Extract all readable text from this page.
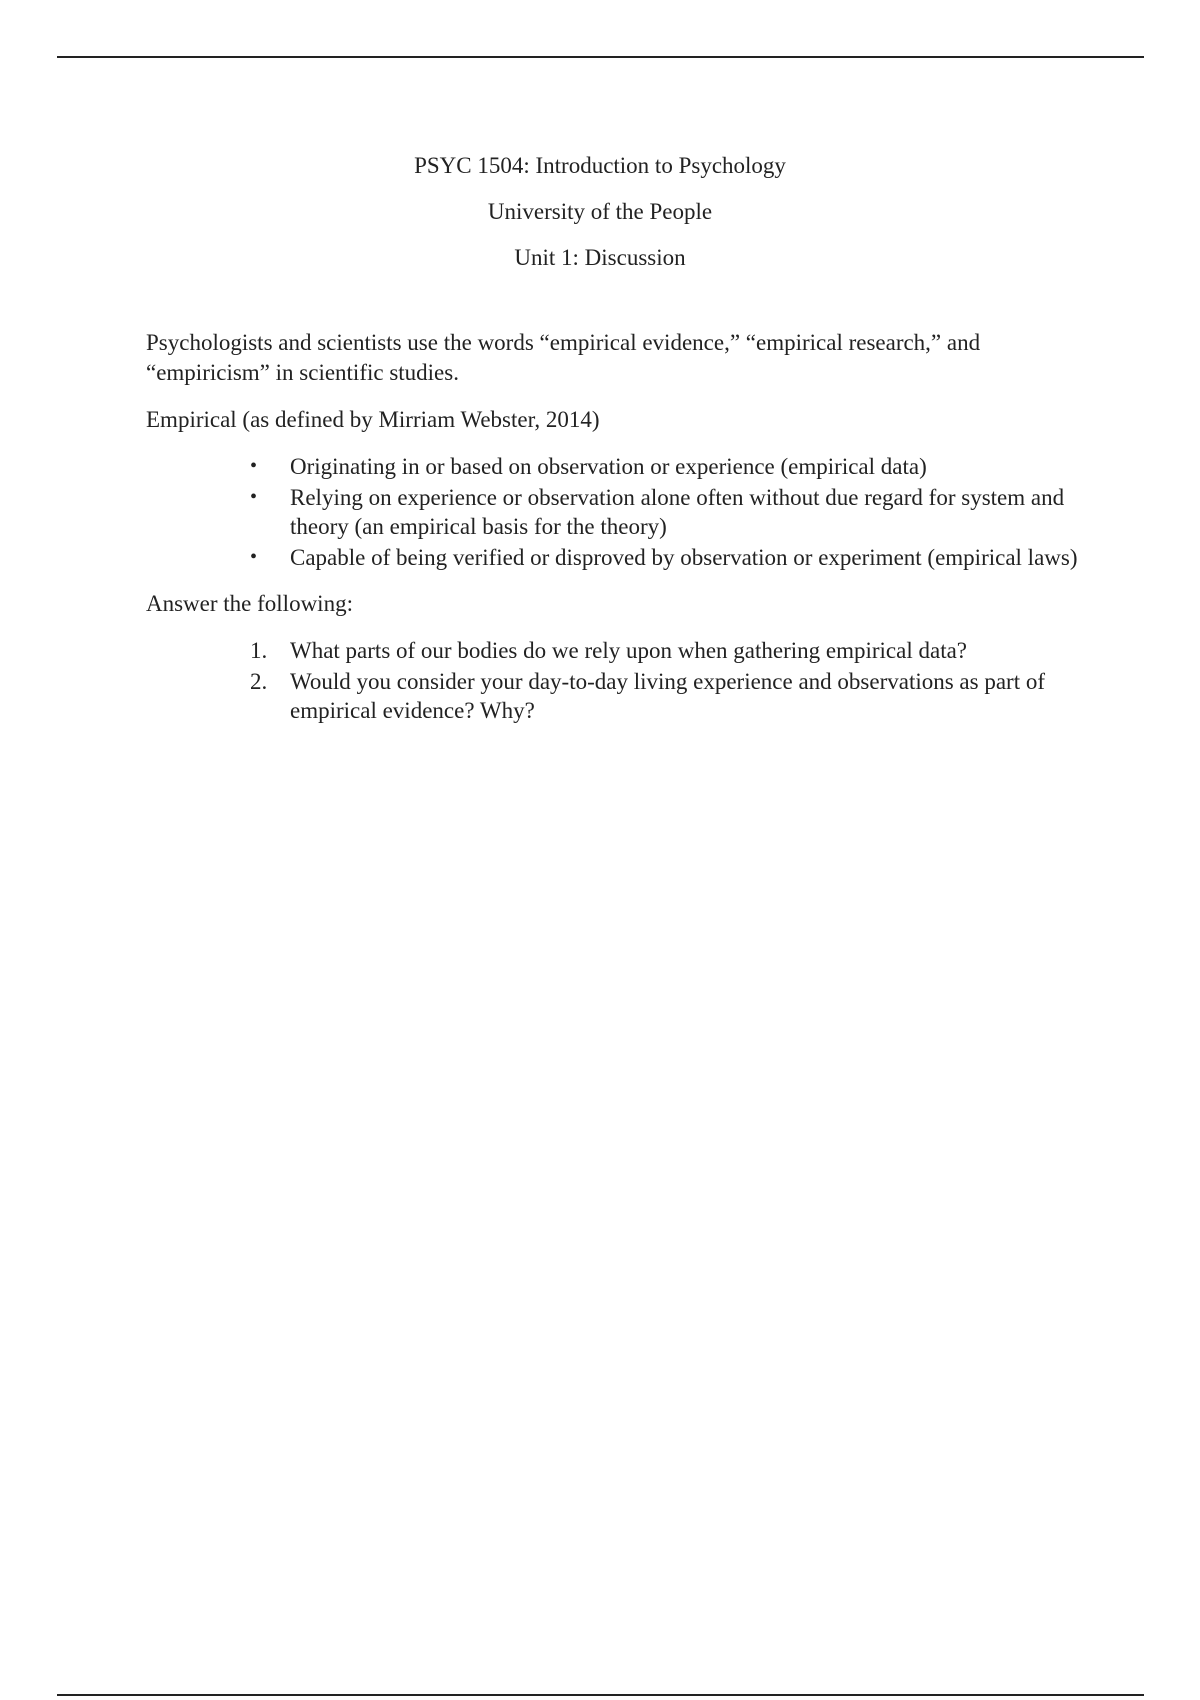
PSYC 1504: Introduction to Psychology
University of the People
Unit 1: Discussion

Psychologists and scientists use the words “empirical evidence,” “empirical research,” and “empiricism” in scientific studies.

Empirical (as defined by Mirriam Webster, 2014)

•	Originating in or based on observation or experience (empirical data)
•	Relying on experience or observation alone often without due regard for system and theory (an empirical basis for the theory)
•	Capable of being verified or disproved by observation or experiment (empirical laws)

Answer the following:

1. What parts of our bodies do we rely upon when gathering empirical data?
2. Would you consider your day-to-day living experience and observations as part of empirical evidence? Why?
